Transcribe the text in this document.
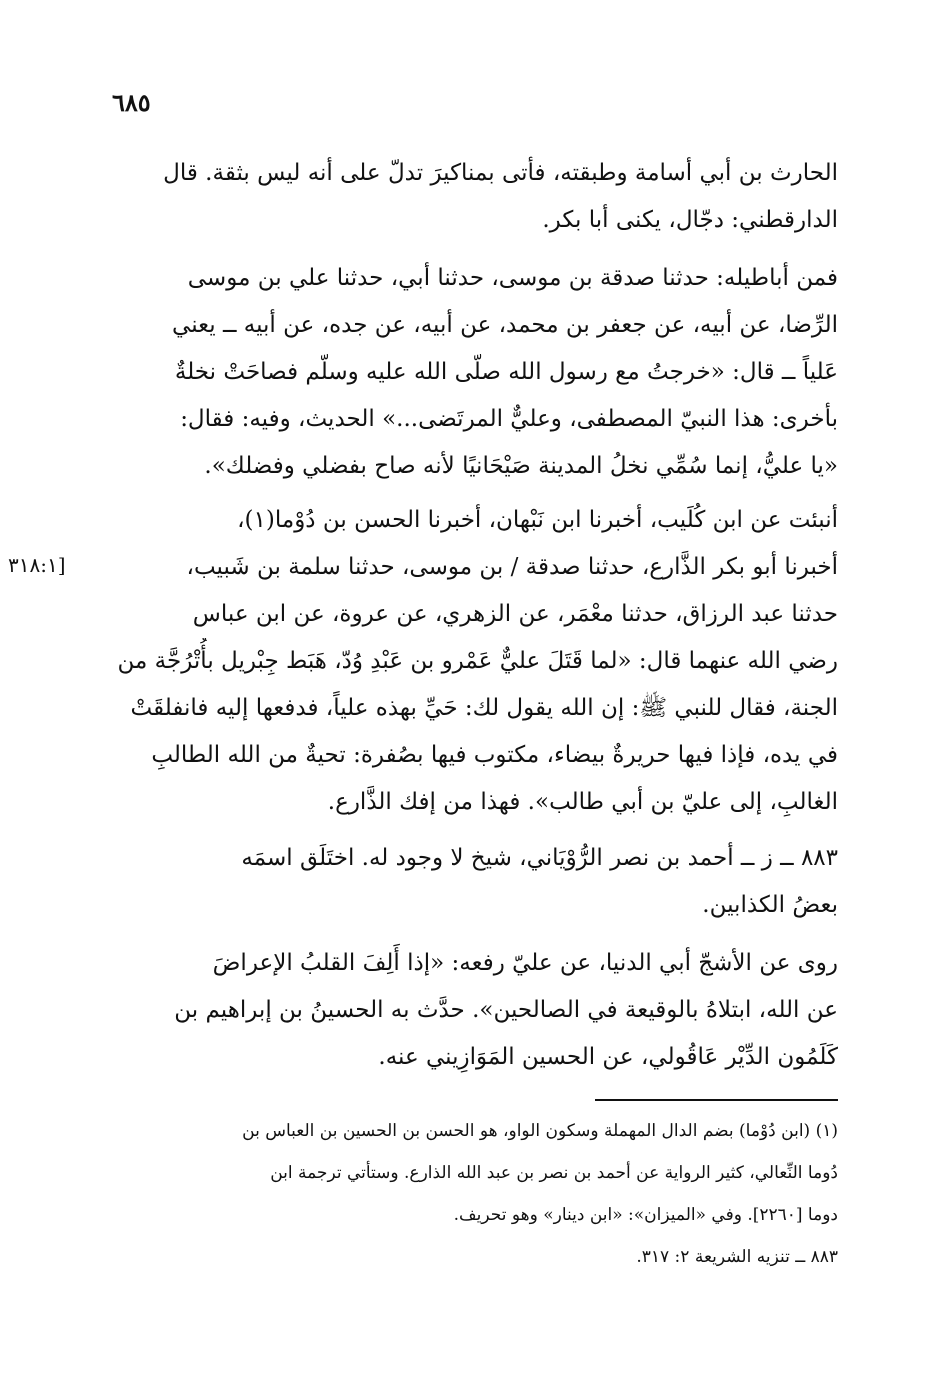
٦٨٥
[٣١٨:١
الحارث بن أبي أسامة وطبقته، فأتى بمناكيرَ تدلّ على أنه ليس بثقة. قال
الدارقطني: دجّال، يكنى أبا بكر.
فمن أباطيله: حدثنا صدقة بن موسى، حدثنا أبي، حدثنا علي بن موسى
الرِّضا، عن أبيه، عن جعفر بن محمد، عن أبيه، عن جده، عن أبيه ــ يعني
عَلياً ــ قال: «خرجتُ مع رسول الله صلّى الله عليه وسلّم فصاحَتْ نخلةٌ
بأخرى: هذا النبيّ المصطفى، وعليٌّ المرتَضى...» الحديث، وفيه: فقال:
«يا عليُّ، إنما سُمِّي نخلُ المدينة صَيْحَانيًا لأنه صاح بفضلي وفضلك».
أنبئت عن ابن كُلَيب، أخبرنا ابن نَبْهان، أخبرنا الحسن بن دُوْما(١)،
أخبرنا أبو بكر الذَّارع، حدثنا صدقة / بن موسى، حدثنا سلمة بن شَبيب،
حدثنا عبد الرزاق، حدثنا معْمَر، عن الزهري، عن عروة، عن ابن عباس
رضي الله عنهما قال: «لما قَتَلَ عليٌّ عَمْرو بن عَبْدِ وُدّ، هَبَط جِبْريل بأُتْرُجَّة من
الجنة، فقال للنبي ﷺ: إن الله يقول لك: حَيِّ بهذه علياً، فدفعها إليه فانفلقَتْ
في يده، فإذا فيها حريرةٌ بيضاء، مكتوب فيها بصُفرة: تحيةٌ من الله الطالبِ
الغالبِ، إلى عليّ بن أبي طالب». فهذا من إفك الذَّارع.
٨٨٣ ــ ز ــ أحمد بن نصر الرُّوْيَاني، شيخ لا وجود له. اختَلَق اسمَه
بعضُ الكذابين.
روى عن الأشجّ أبي الدنيا، عن عليّ رفعه: «إذا أَلِفَ القلبُ الإعراضَ
عن الله، ابتلاهُ بالوقيعة في الصالحين». حدَّث به الحسينُ بن إبراهيم بن
كَلَمُون الدِّيْر عَاقُولي، عن الحسين المَوَازِيني عنه.
(١) (ابن دُوْما) بضم الدال المهملة وسكون الواو، هو الحسن بن الحسين بن العباس بن
دُوما النِّعالي، كثير الرواية عن أحمد بن نصر بن عبد الله الذارع. وستأتي ترجمة ابن
دوما [٢٢٦٠]. وفي «الميزان»: «ابن دينار» وهو تحريف.
٨٨٣ ــ تنزيه الشريعة ٢: ٣١٧.
